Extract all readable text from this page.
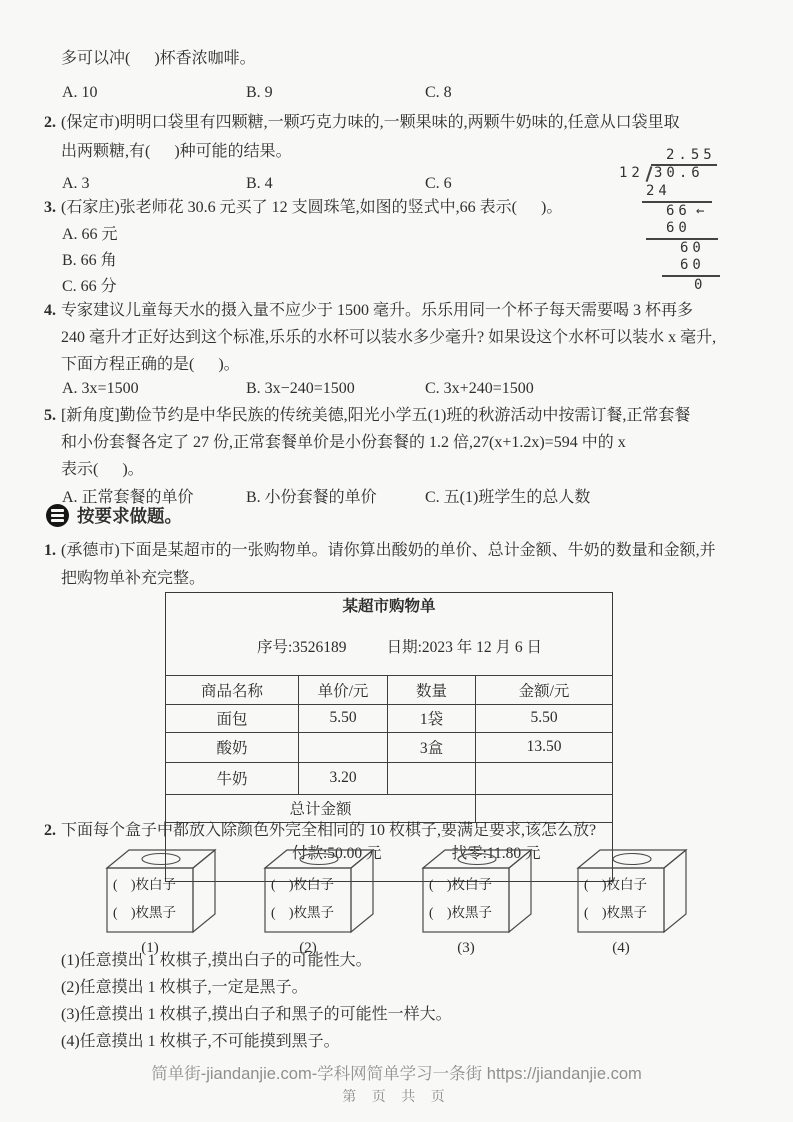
多可以冲(      )杯香浓咖啡。
A. 10	B. 9	C. 8
2. (保定市)明明口袋里有四颗糖,一颗巧克力味的,一颗果味的,两颗牛奶味的,任意从口袋里取
出两颗糖,有(      )种可能的结果。
A. 3	B. 4	C. 6
3. (石家庄)张老师花 30.6 元买了 12 支圆珠笔,如图的竖式中,66 表示(      )。
A. 66 元
B. 66 角
C. 66 分
2.55
12 30.6
24
66 ←
60
60
60
0
4. 专家建议儿童每天水的摄入量不应少于 1500 毫升。乐乐用同一个杯子每天需要喝 3 杯再多
240 毫升才正好达到这个标准,乐乐的水杯可以装水多少毫升? 如果设这个水杯可以装水 x 毫升,
下面方程正确的是(      )。
A. 3x=1500	B. 3x−240=1500	C. 3x+240=1500
5. [新角度]勤俭节约是中华民族的传统美德,阳光小学五(1)班的秋游活动中按需订餐,正常套餐
和小份套餐各定了 27 份,正常套餐单价是小份套餐的 1.2 倍,27(x+1.2x)=594 中的 x
表示(      )。
A. 正常套餐的单价	B. 小份套餐的单价	C. 五(1)班学生的总人数
按要求做题。
1. (承德市)下面是某超市的一张购物单。请你算出酸奶的单价、总计金额、牛奶的数量和金额,并
把购物单补充完整。
某超市购物单			

序号:3526189 日期:2023 年 12 月 6 日			

商品名称	单价/元	数量	金额/元
面包	5.50	1袋	5.50
酸奶		3盒	13.50
牛奶	3.20		
总计金额			

付款:50.00 元 找零:11.80 元			

2. 下面每个盒子中都放入除颜色外完全相同的 10 枚棋子,要满足要求,该怎么放?
(    )枚白子
(    )枚黑子
(1)
(    )枚白子
(    )枚黑子
(2)
(    )枚白子
(    )枚黑子
(3)
(    )枚白子
(    )枚黑子
(4)
(1)任意摸出 1 枚棋子,摸出白子的可能性大。
(2)任意摸出 1 枚棋子,一定是黑子。
(3)任意摸出 1 枚棋子,摸出白子和黑子的可能性一样大。
(4)任意摸出 1 枚棋子,不可能摸到黑子。
简单街-jiandanjie.com-学科网简单学习一条街 https://jiandanjie.com
第 页 共 页
